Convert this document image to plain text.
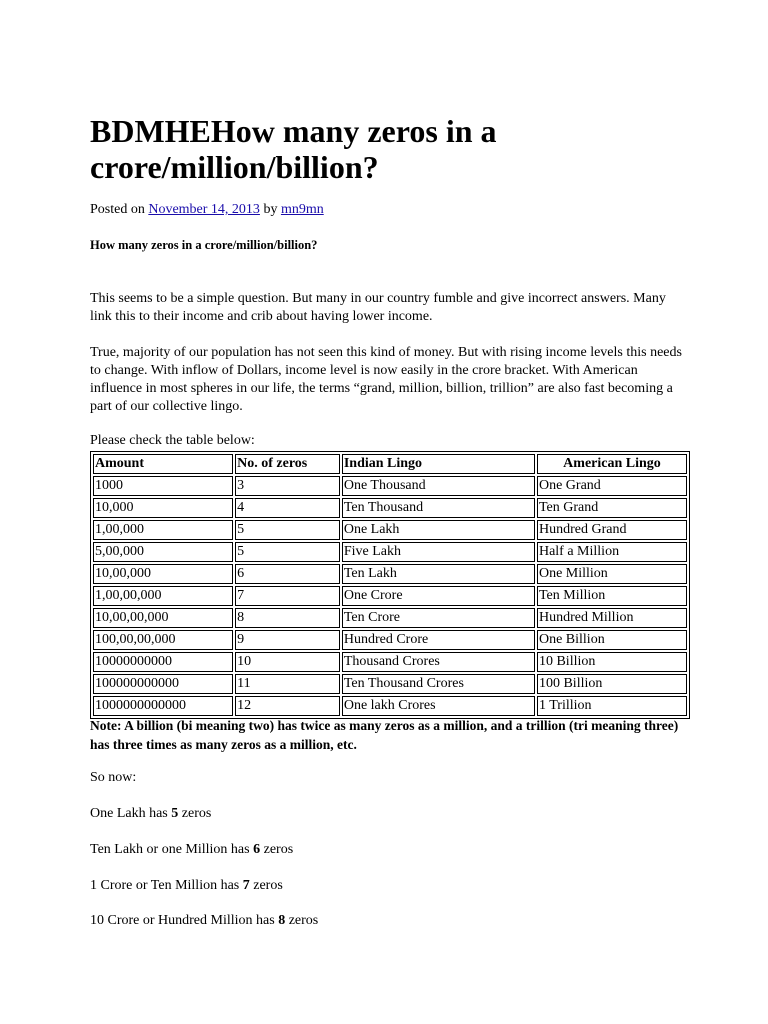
BDMHEHow many zeros in a crore/million/billion?
Posted on November 14, 2013 by mn9mn
How many zeros in a crore/million/billion?

This seems to be a simple question. But many in our country fumble and give incorrect answers. Many link this to their income and crib about having lower income.

True, majority of our population has not seen this kind of money. But with rising income levels this needs to change. With inflow of Dollars, income level is now easily in the crore bracket. With American influence in most spheres in our life, the terms “grand, million, billion, trillion” are also fast becoming a part of our collective lingo.

Please check the table below:

Amount	No. of zeros	Indian Lingo	American Lingo
1000	3	One Thousand	One Grand
10,000	4	Ten Thousand	Ten Grand
1,00,000	5	One Lakh	Hundred Grand
5,00,000	5	Five Lakh	Half a Million
10,00,000	6	Ten Lakh	One Million
1,00,00,000	7	One Crore	Ten Million
10,00,00,000	8	Ten Crore	Hundred Million
100,00,00,000	9	Hundred Crore	One Billion
10000000000	10	Thousand Crores	10 Billion
100000000000	11	Ten Thousand Crores	100 Billion
1000000000000	12	One lakh Crores	1 Trillion

Note: A billion (bi meaning two) has twice as many zeros as a million, and a trillion (tri meaning three) has three times as many zeros as a million, etc.

So now:
One Lakh has 5 zeros
Ten Lakh or one Million has 6 zeros
1 Crore or Ten Million has 7 zeros
10 Crore or Hundred Million has 8 zeros
